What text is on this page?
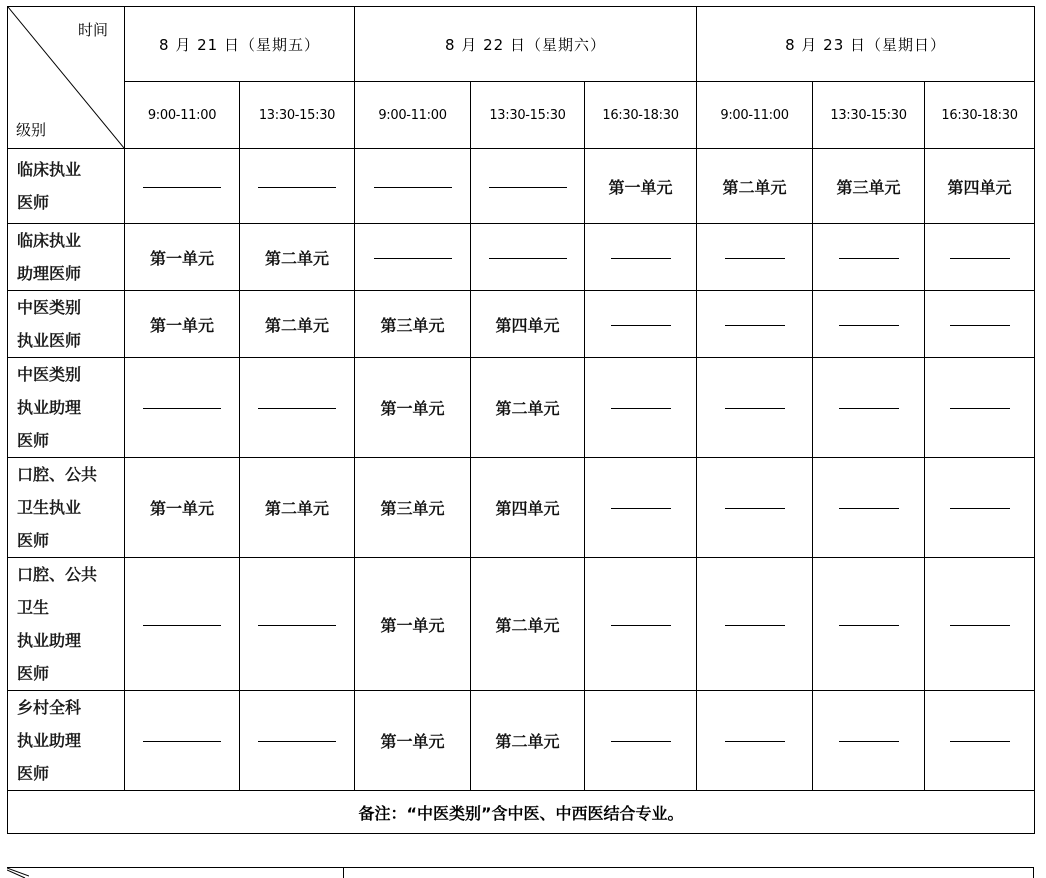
时间
级别	8 月 21 日（星期五）		8 月 22 日（星期六）			8 月 23 日（星期日）		
	9:00-11:00	13:30-15:30	9:00-11:00	13:30-15:30	16:30-18:30	9:00-11:00	13:30-15:30	16:30-18:30

临床执业
医师					第一单元	第二单元	第三单元	第四单元

临床执业
助理医师	第一单元	第二单元						

中医类别
执业医师	第一单元	第二单元	第三单元	第四单元				

中医类别
执业助理
医师			第一单元	第二单元				

口腔、公共
卫生执业
医师	第一单元	第二单元	第三单元	第四单元				

口腔、公共
卫生
执业助理
医师			第一单元	第二单元				

乡村全科
执业助理
医师			第一单元	第二单元				
备注：“中医类别”含中医、中西医结合专业。								
